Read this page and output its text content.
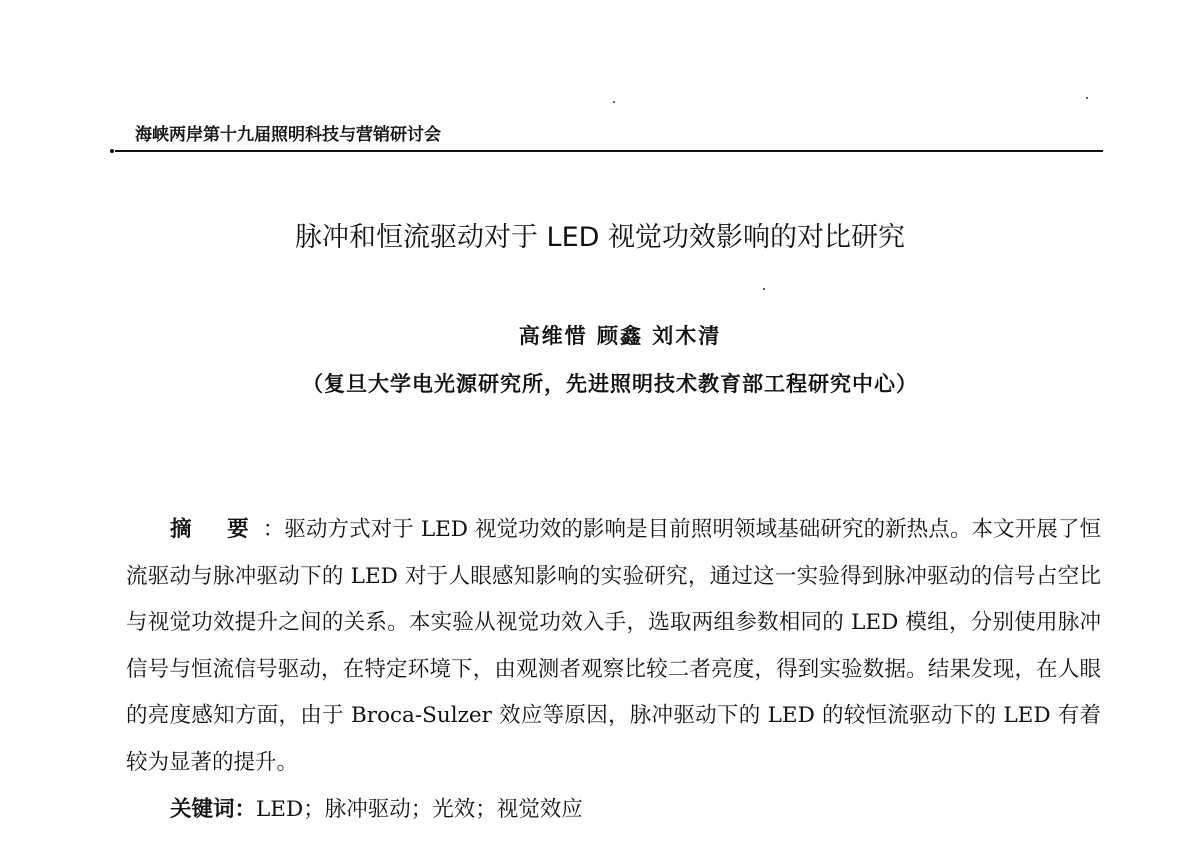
海峡两岸第十九届照明科技与营销研讨会
脉冲和恒流驱动对于 LED 视觉功效影响的对比研究
高维惜 顾鑫 刘木清
（复旦大学电光源研究所，先进照明技术教育部工程研究中心）
摘 要：驱动方式对于 LED 视觉功效的影响是目前照明领域基础研究的新热点。本文开展了恒流驱动与脉冲驱动下的 LED 对于人眼感知影响的实验研究，通过这一实验得到脉冲驱动的信号占空比与视觉功效提升之间的关系。本实验从视觉功效入手，选取两组参数相同的 LED 模组，分别使用脉冲信号与恒流信号驱动，在特定环境下，由观测者观察比较二者亮度，得到实验数据。结果发现，在人眼的亮度感知方面，由于 Broca-Sulzer 效应等原因，脉冲驱动下的 LED 的较恒流驱动下的 LED 有着较为显著的提升。
关键词：LED；脉冲驱动；光效；视觉效应
